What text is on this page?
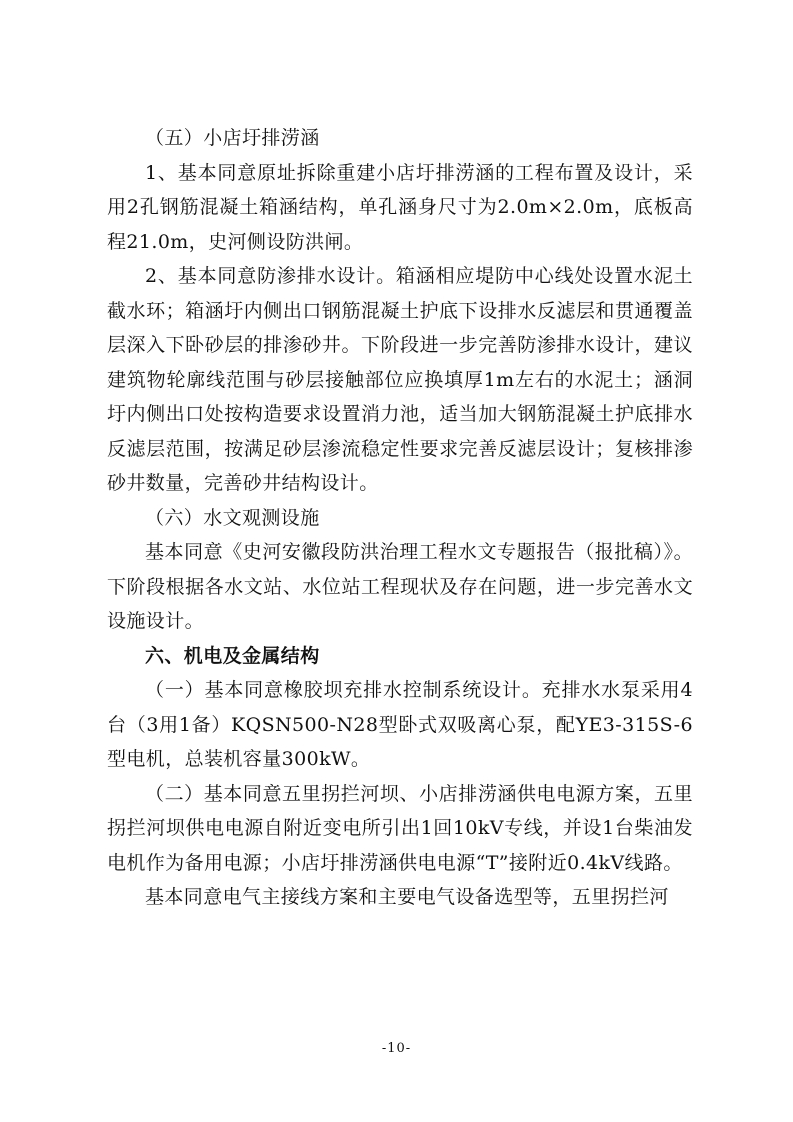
（五）小店圩排涝涵

1、基本同意原址拆除重建小店圩排涝涵的工程布置及设计，采用2孔钢筋混凝土箱涵结构，单孔涵身尺寸为2.0m×2.0m，底板高程21.0m，史河侧设防洪闸。

2、基本同意防渗排水设计。箱涵相应堤防中心线处设置水泥土截水环；箱涵圩内侧出口钢筋混凝土护底下设排水反滤层和贯通覆盖层深入下卧砂层的排渗砂井。下阶段进一步完善防渗排水设计，建议建筑物轮廓线范围与砂层接触部位应换填厚1m左右的水泥土；涵洞圩内侧出口处按构造要求设置消力池，适当加大钢筋混凝土护底排水反滤层范围，按满足砂层渗流稳定性要求完善反滤层设计；复核排渗砂井数量，完善砂井结构设计。

（六）水文观测设施

基本同意《史河安徽段防洪治理工程水文专题报告（报批稿）》。下阶段根据各水文站、水位站工程现状及存在问题，进一步完善水文设施设计。

六、机电及金属结构

（一）基本同意橡胶坝充排水控制系统设计。充排水水泵采用4台（3用1备）KQSN500-N28型卧式双吸离心泵，配YE3-315S-6型电机，总装机容量300kW。

（二）基本同意五里拐拦河坝、小店排涝涵供电电源方案，五里拐拦河坝供电电源自附近变电所引出1回10kV专线，并设1台柴油发电机作为备用电源；小店圩排涝涵供电电源“T”接附近0.4kV线路。

基本同意电气主接线方案和主要电气设备选型等，五里拐拦河

-10-
